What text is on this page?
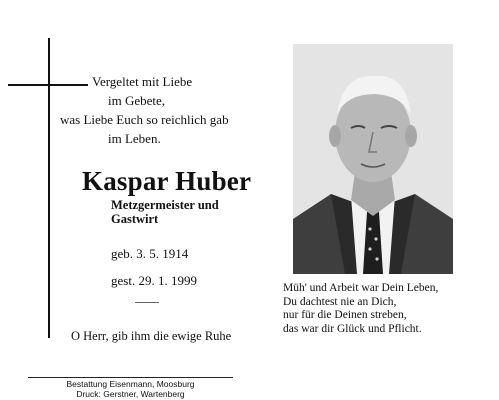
Vergeltet mit Liebe
im Gebete,
was Liebe Euch so reichlich gab
im Leben.
Kaspar Huber
Metzgermeister und
Gastwirt
geb. 3. 5. 1914
gest. 29. 1. 1999
O Herr, gib ihm die ewige Ruhe
Müh' und Arbeit war Dein Leben,
Du dachtest nie an Dich,
nur für die Deinen streben,
das war dir Glück und Pflicht.
Bestattung Eisenmann, Moosburg
Druck: Gerstner, Wartenberg
